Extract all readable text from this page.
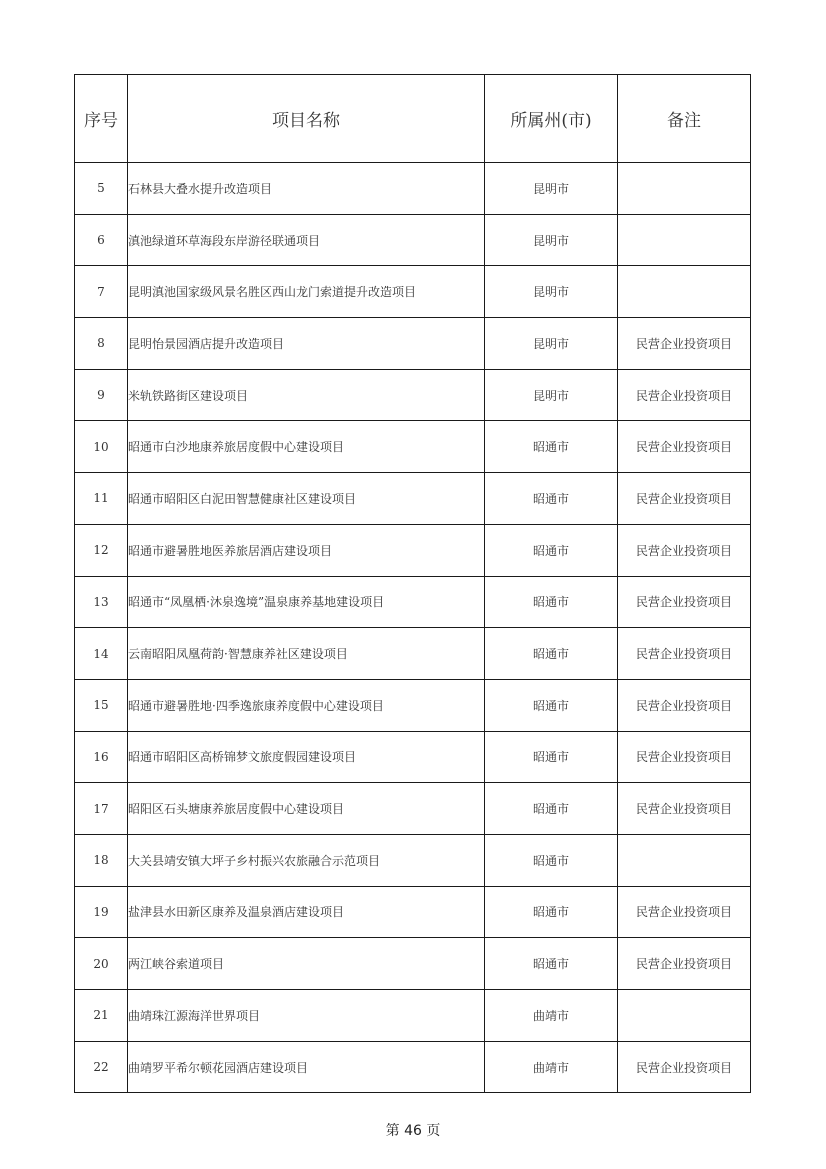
序号	项目名称	所属州(市)	备注
5	石林县大叠水提升改造项目	昆明市	
6	滇池绿道环草海段东岸游径联通项目	昆明市	
7	昆明滇池国家级风景名胜区西山龙门索道提升改造项目	昆明市	
8	昆明怡景园酒店提升改造项目	昆明市	民营企业投资项目
9	米轨铁路街区建设项目	昆明市	民营企业投资项目
10	昭通市白沙地康养旅居度假中心建设项目	昭通市	民营企业投资项目
11	昭通市昭阳区白泥田智慧健康社区建设项目	昭通市	民营企业投资项目
12	昭通市避暑胜地医养旅居酒店建设项目	昭通市	民营企业投资项目
13	昭通市“凤凰栖·沐泉逸境”温泉康养基地建设项目	昭通市	民营企业投资项目
14	云南昭阳凤凰荷韵·智慧康养社区建设项目	昭通市	民营企业投资项目
15	昭通市避暑胜地·四季逸旅康养度假中心建设项目	昭通市	民营企业投资项目
16	昭通市昭阳区高桥锦梦文旅度假园建设项目	昭通市	民营企业投资项目
17	昭阳区石头塘康养旅居度假中心建设项目	昭通市	民营企业投资项目
18	大关县靖安镇大坪子乡村振兴农旅融合示范项目	昭通市	
19	盐津县水田新区康养及温泉酒店建设项目	昭通市	民营企业投资项目
20	两江峡谷索道项目	昭通市	民营企业投资项目
21	曲靖珠江源海洋世界项目	曲靖市	
22	曲靖罗平希尔顿花园酒店建设项目	曲靖市	民营企业投资项目
第 46 页
